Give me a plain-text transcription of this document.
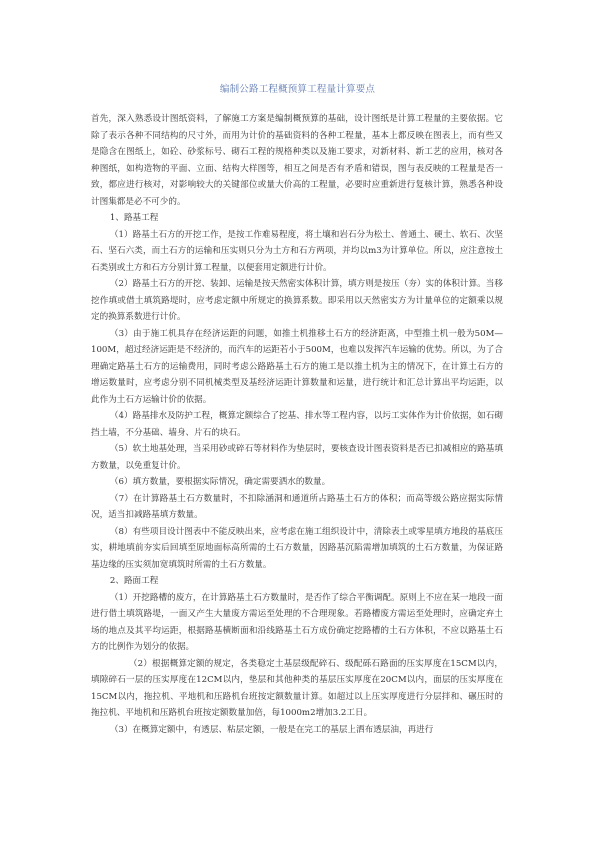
编制公路工程概预算工程量计算要点

首先，深入熟悉设计图纸资料，了解施工方案是编制概预算的基础，设计图纸是计算工程量的主要依据。它除了表示各种不同结构的尺寸外，而用为计价的基础资料的各种工程量，基本上都反映在图表上，而有些又是隐含在图纸上，如砼、砂浆标号、砌石工程的规格种类以及施工要求，对新材料、新工艺的应用，核对各种图纸，如构造物的平面、立面、结构大样图等，相互之间是否有矛盾和错误，图与表反映的工程量是否一致，都应进行核对，对影响较大的关键部位或量大价高的工程量，必要时应重新进行复核计算，熟悉各种设计图集都是必不可少的。

1、路基工程

（1）路基土石方的开挖工作，是按工作难易程度，将土壤和岩石分为松土、普通土、硬土、软石、次坚石、坚石六类，而土石方的运输和压实则只分为土方和石方两项，并均以m3为计算单位。所以，应注意按土石类别或土方和石方分别计算工程量，以便套用定额进行计价。

（2）路基土石方的开挖、装卸、运输是按天然密实体积计算，填方则是按压（夯）实的体积计算。当移挖作填或借土填筑路堤时，应考虑定额中所规定的换算系数。即采用以天然密实方为计量单位的定额乘以规定的换算系数进行计价。

（3）由于施工机具存在经济运距的问题，如推土机推移土石方的经济距离，中型推土机一般为50M—100M，超过经济运距是不经济的，而汽车的运距若小于500M，也难以发挥汽车运输的优势。所以，为了合理确定路基土石方的运输费用，同时考虑公路路基土石方的施工是以推土机为主的情况下，在计算土石方的增运数量时，应考虑分别不同机械类型及基经济运距计算数量和运量，进行统计和汇总计算出平均运距，以此作为土石方运输计价的依据。

（4）路基排水及防护工程，概算定额综合了挖基、排水等工程内容，以圬工实体作为计价依据，如石砌挡土墙，不分基础、墙身、片石的块石。

（5）软土地基处理，当采用砂或碎石等材料作为垫层时，要核查设计图表资料是否已扣减相应的路基填方数量，以免重复计价。

（6）填方数量，要根据实际情况，确定需要洒水的数量。

（7）在计算路基土石方数量时，不扣除涵洞和通道所占路基土石方的体积；而高等级公路应据实际情况，适当扣减路基填方数量。

（8）有些项目设计图表中不能反映出来，应考虑在施工组织设计中，清除表土或零星填方地段的基底压实，耕地填前夯实后回填至原地面标高所需的土石方数量，因路基沉陷需增加填筑的土石方数量，为保证路基边缘的压实须加宽填筑时所需的土石方数量。

2、路面工程

（1）开挖路槽的废方，在计算路基土石方数量时，是否作了综合平衡调配。原则上不应在某一地段一面进行借土填筑路堤，一面又产生大量废方需运至处理的不合理现象。若路槽废方需运至处理时，应确定弃土场的地点及其平均运距，根据路基横断面和沿线路基土石方成份确定挖路槽的土石方体积，不应以路基土石方的比例作为划分的依据。

（2）根据概算定额的规定，各类稳定土基层级配碎石、级配砾石路面的压实厚度在15CM以内，填隙碎石一层的压实厚度在12CM以内，垫层和其他种类的基层压实厚度在20CM以内，面层的压实厚度在15CM以内，拖拉机、平地机和压路机台班按定额数量计算。如超过以上压实厚度进行分层拌和、碾压时的拖拉机、平地机和压路机台班按定额数量加倍，每1000m2增加3.2工日。

（3）在概算定额中，有透层、粘层定额，一般是在完工的基层上洒布透层油，再进行
